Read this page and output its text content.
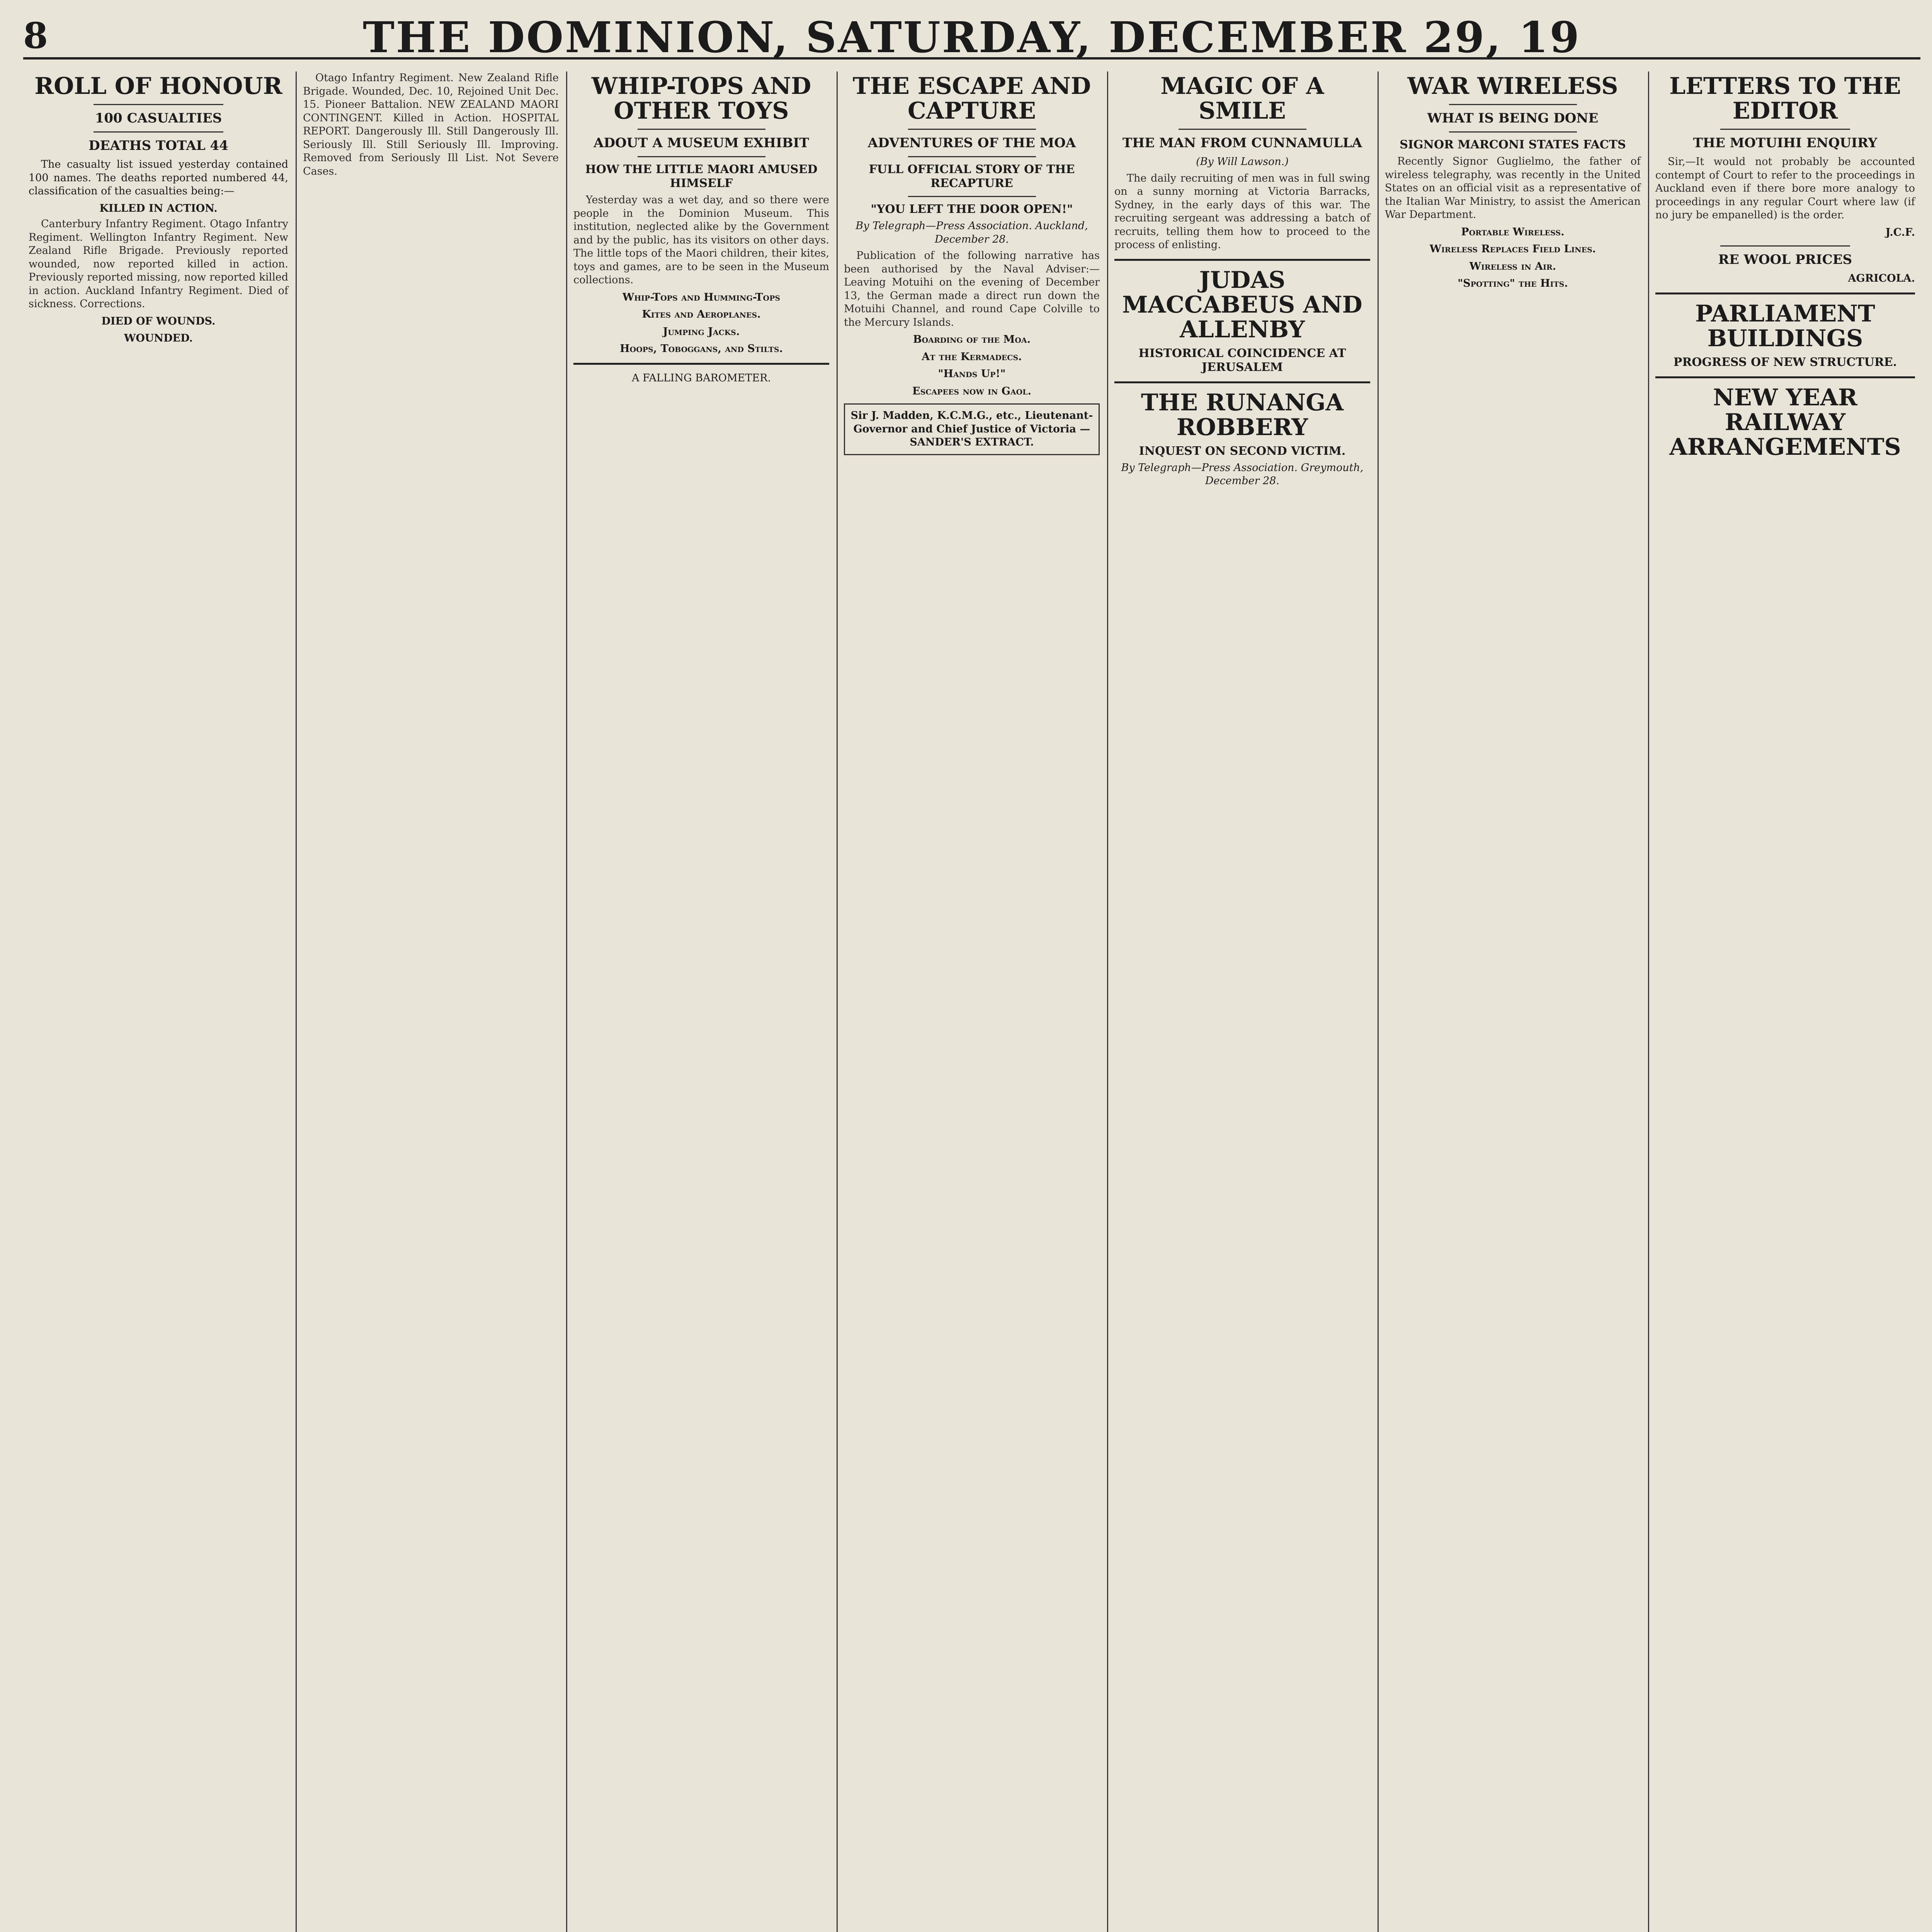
8	THE DOMINION, SATURDAY, DECEMBER 29, 19
ROLL OF HONOUR
100 CASUALTIES
DEATHS TOTAL 44

The casualty list issued yesterday contained 100 names. The deaths reported numbered 44, classification of the casualties being:—

KILLED IN ACTION.

Canterbury Infantry Regiment. Otago Infantry Regiment. Wellington Infantry Regiment. New Zealand Rifle Brigade. Previously reported wounded, now reported killed in action. Previously reported missing, now reported killed in action. Auckland Infantry Regiment. Died of sickness. Corrections.

DIED OF WOUNDS.
WOUNDED.

Otago Infantry Regiment. New Zealand Rifle Brigade. Wounded, Dec. 10, Rejoined Unit Dec. 15. Pioneer Battalion. NEW ZEALAND MAORI CONTINGENT. Killed in Action. HOSPITAL REPORT. Dangerously Ill. Still Dangerously Ill. Seriously Ill. Still Seriously Ill. Improving. Removed from Seriously Ill List. Not Severe Cases.

WHIP-TOPS AND OTHER TOYS
ADOUT A MUSEUM EXHIBIT
HOW THE LITTLE MAORI AMUSED HIMSELF

Yesterday was a wet day, and so there were people in the Dominion Museum. This institution, neglected alike by the Government and by the public, has its visitors on other days. The little tops of the Maori children, their kites, toys and games, are to be seen in the Museum collections.

Whip-Tops and Humming-Tops
Kites and Aeroplanes.
Jumping Jacks.
Hoops, Toboggans, and Stilts.
A FALLING BAROMETER.
THE ESCAPE AND CAPTURE
ADVENTURES OF THE MOA
FULL OFFICIAL STORY OF THE RECAPTURE
"YOU LEFT THE DOOR OPEN!"
By Telegraph—Press Association. Auckland, December 28.

Publication of the following narrative has been authorised by the Naval Adviser:— Leaving Motuihi on the evening of December 13, the German made a direct run down the Motuihi Channel, and round Cape Colville to the Mercury Islands.

Boarding of the Moa.
At the Kermadecs.
"Hands Up!"
Escapees now in Gaol.
Sir J. Madden, K.C.M.G., etc., Lieutenant-Governor and Chief Justice of Victoria — SANDER'S EXTRACT.
MAGIC OF A SMILE
THE MAN FROM CUNNAMULLA
(By Will Lawson.)

The daily recruiting of men was in full swing on a sunny morning at Victoria Barracks, Sydney, in the early days of this war. The recruiting sergeant was addressing a batch of recruits, telling them how to proceed to the process of enlisting.

JUDAS MACCABEUS AND ALLENBY
HISTORICAL COINCIDENCE AT JERUSALEM
THE RUNANGA ROBBERY
INQUEST ON SECOND VICTIM.
By Telegraph—Press Association. Greymouth, December 28.
WAR WIRELESS
WHAT IS BEING DONE
SIGNOR MARCONI STATES FACTS

Recently Signor Guglielmo, the father of wireless telegraphy, was recently in the United States on an official visit as a representative of the Italian War Ministry, to assist the American War Department.

Portable Wireless.
Wireless Replaces Field Lines.
Wireless in Air.
"Spotting" the Hits.
LETTERS TO THE EDITOR
THE MOTUIHI ENQUIRY

Sir,—It would not probably be accounted contempt of Court to refer to the proceedings in Auckland even if there bore more analogy to proceedings in any regular Court where law (if no jury be empanelled) is the order.

J.C.F.
RE WOOL PRICES
AGRICOLA.
PARLIAMENT BUILDINGS
PROGRESS OF NEW STRUCTURE.
NEW YEAR RAILWAY ARRANGEMENTS
